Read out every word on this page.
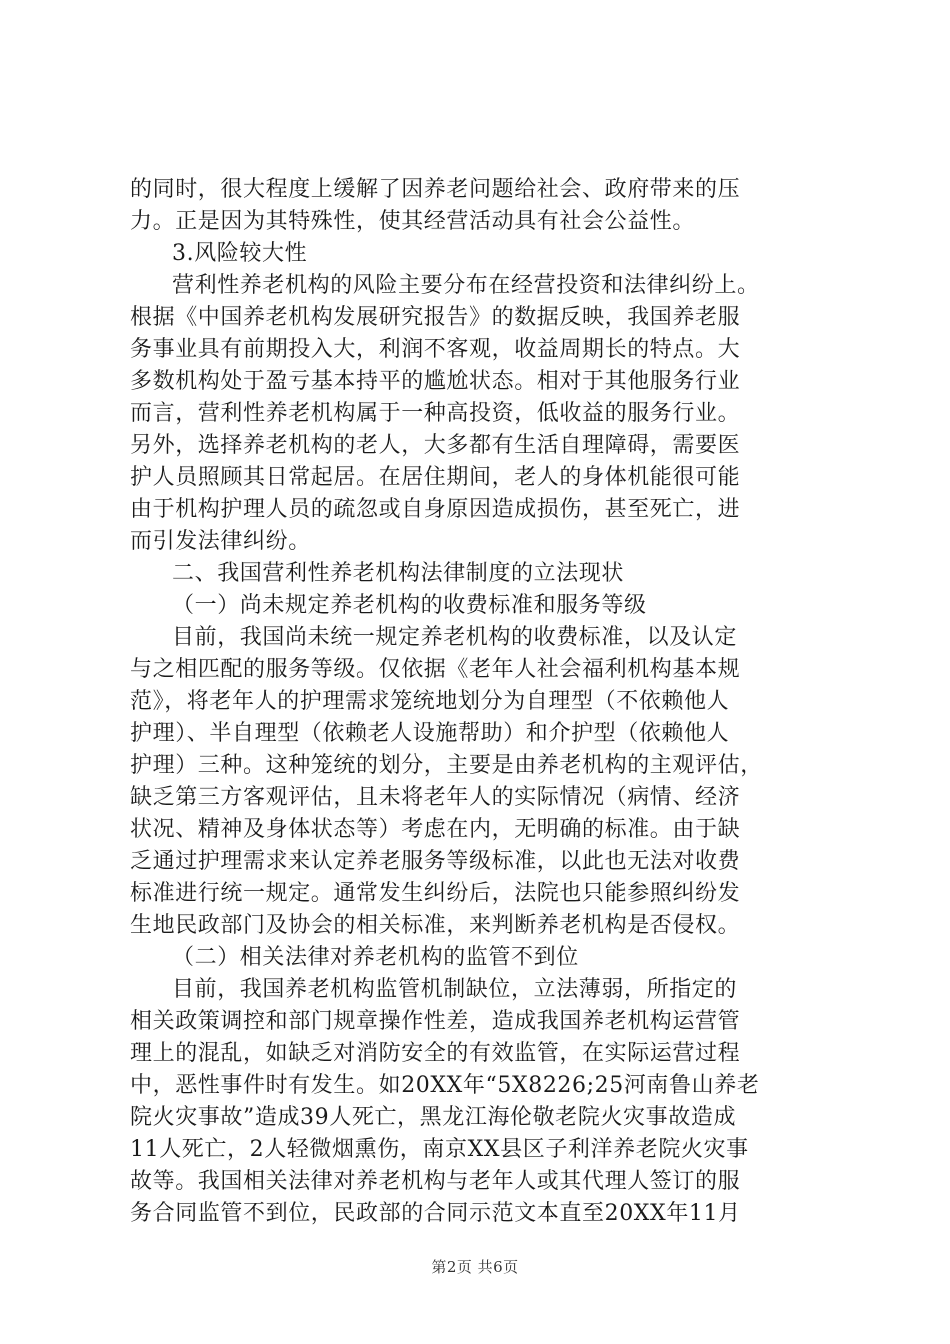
的同时，很大程度上缓解了因养老问题给社会、政府带来的压
力。正是因为其特殊性，使其经营活动具有社会公益性。
3.风险较大性
营利性养老机构的风险主要分布在经营投资和法律纠纷上。
根据《中国养老机构发展研究报告》的数据反映，我国养老服
务事业具有前期投入大，利润不客观，收益周期长的特点。大
多数机构处于盈亏基本持平的尴尬状态。相对于其他服务行业
而言，营利性养老机构属于一种高投资，低收益的服务行业。
另外，选择养老机构的老人，大多都有生活自理障碍，需要医
护人员照顾其日常起居。在居住期间，老人的身体机能很可能
由于机构护理人员的疏忽或自身原因造成损伤，甚至死亡，进
而引发法律纠纷。
二、我国营利性养老机构法律制度的立法现状
（一）尚未规定养老机构的收费标准和服务等级
目前，我国尚未统一规定养老机构的收费标准，以及认定
与之相匹配的服务等级。仅依据《老年人社会福利机构基本规
范》，将老年人的护理需求笼统地划分为自理型（不依赖他人
护理）、半自理型（依赖老人设施帮助）和介护型（依赖他人
护理）三种。这种笼统的划分，主要是由养老机构的主观评估，
缺乏第三方客观评估，且未将老年人的实际情况（病情、经济
状况、精神及身体状态等）考虑在内，无明确的标准。由于缺
乏通过护理需求来认定养老服务等级标准，以此也无法对收费
标准进行统一规定。通常发生纠纷后，法院也只能参照纠纷发
生地民政部门及协会的相关标准，来判断养老机构是否侵权。
（二）相关法律对养老机构的监管不到位
目前，我国养老机构监管机制缺位，立法薄弱，所指定的
相关政策调控和部门规章操作性差，造成我国养老机构运营管
理上的混乱，如缺乏对消防安全的有效监管，在实际运营过程
中，恶性事件时有发生。如20XX年“5X8226;25河南鲁山养老
院火灾事故”造成39人死亡，黑龙江海伦敬老院火灾事故造成
11人死亡，2人轻微烟熏伤，南京XX县区子利洋养老院火灾事
故等。我国相关法律对养老机构与老年人或其代理人签订的服
务合同监管不到位，民政部的合同示范文本直至20XX年11月
第2页 共6页
